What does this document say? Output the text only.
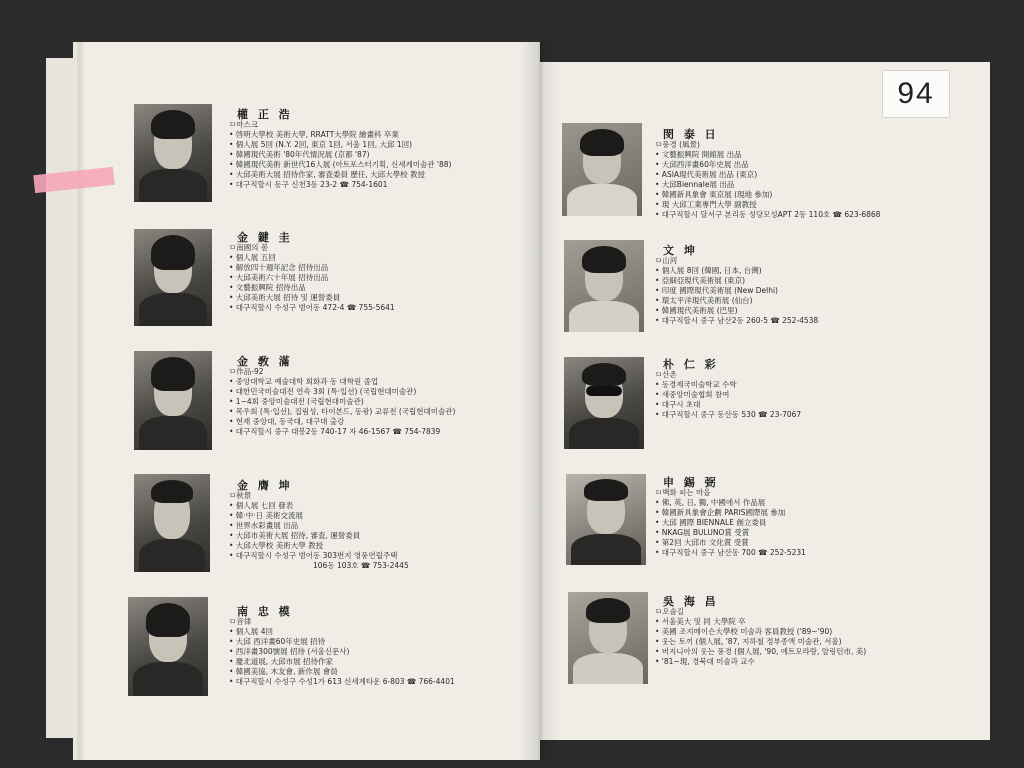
94
權 正 浩
ㅁ마스크
• 啓明大學校 美術大學, RRATT大學院 繪畫科 卒業
• 個人展 5回 (N.Y. 2回, 東京 1回, 서울 1回, 大邱 1回)
• 韓國現代美術 '80年代情況展 (京都 '87)
• 韓國現代美術 新世代16人展 (아트포스터기획, 신세계미술관 '88)
• 大邱美術大展 招待作家, 審査委員 歷任, 大邱大學校 教授
• 대구직할시 동구 신천3동 23-2 ☎ 754-1601
金 鍵 圭
ㅁ南國의 봄
• 個人展 五回
• 解放四十週年記念 招待出品
• 大邱美術六十年展 招待出品
• 文藝振興院 招待出品
• 大邱美術大展 招待 및 運營委員
• 대구직할시 수성구 범어동 472-4 ☎ 755-5641
金 敎 滿
ㅁ作品-92
• 중앙대학교 예술대학 회화과 동 대학원 졸업
• 대한민국미술대전 연속 3회 (특·입선) (국립현대미술관)
• 1~4회 중앙미술대전 (국립현대미술관)
• 목우회 (특·입선), 집림성, 타이본드, 동광) 교류전 (국립현대미술관)
• 현재 중앙대, 동국대, 대구대 출강
• 대구직할시 중구 대봉2동 740-17 자 46-1567 ☎ 754-7839
金 膺 坤
ㅁ秋景
• 個人展 七回 發表
• 韓·中·日 美術交流展
• 世界水彩畫展 出品
• 大邱市美術大展 招待, 審査, 運營委員
• 大邱大學校 美術大學 教授
• 대구직할시 수성구 범어동 303번지 영풍연립주택
106동 103호 ☎ 753-2445
南 忠 模
ㅁ音律
• 個人展 4回
• 大邱 西洋畫60年史展 招待
• 西洋畫300號展 招待 (서울신문사)
• 慶北道展, 大邱市展 招待作家
• 韓國美協, 木友會, 新作展 會員
• 대구직할시 수성구 수성1가 613 신세계타운 6-803 ☎ 766-4401
閔 泰 日
ㅁ풍경 (風景)
• 文藝振興院 開館展 出品
• 大邱西洋畫60年史展 出品
• ASIA現代美術展 出品 (東京)
• 大邱Biennale展 出品
• 韓國新具象會 東京展 (現地 參加)
• 現 大邱工業專門大學 副教授
• 대구직할시 달서구 본리동 성당모성APT 2동 110호 ☎ 623-6868
文 坤
ㅁ山河
• 個人展 8回 (韓國, 日本, 台灣)
• 亞細亞現代美術展 (東京)
• 印度 國際現代美術展 (New Delhi)
• 環太平洋現代美術展 (仙台)
• 韓國現代美術展 (巴里)
• 대구직할시 중구 남산2동 260-5 ☎ 252-4538
朴 仁 彩
ㅁ산촌
• 동경제국미술학교 수학
• 새중앙미술협회 참여
• 대구시 초대
• 대구직할시 중구 동산동 530 ☎ 23-7067
申 錫 弼
ㅁ백화 피는 마을
• 佛, 英, 日, 獨, 中國에서 作品展
• 韓國新具象會企劃 PARIS國際展 參加
• 大邱 國際 BIENNALE 創立委員
• NKAG展 BULUNO賞 受賞
• 第2回 大邱市 文化賞 受賞
• 대구직할시 중구 남산동 700 ☎ 252-5231
吳 海 昌
ㅁ오솔길
• 서울美大 및 同 大學院 卒
• 美國 조지메이슨大學校 미술과 客員教授 ('89~'90)
• 웃는 토끼 (個人展, '87, 지하철 정부종액 미술관, 서울)
• 버지니아의 웃는 풍경 (個人展, '90, 에트모라랑, 알링턴市, 美)
• '81~現, 경북대 미술과 교수
